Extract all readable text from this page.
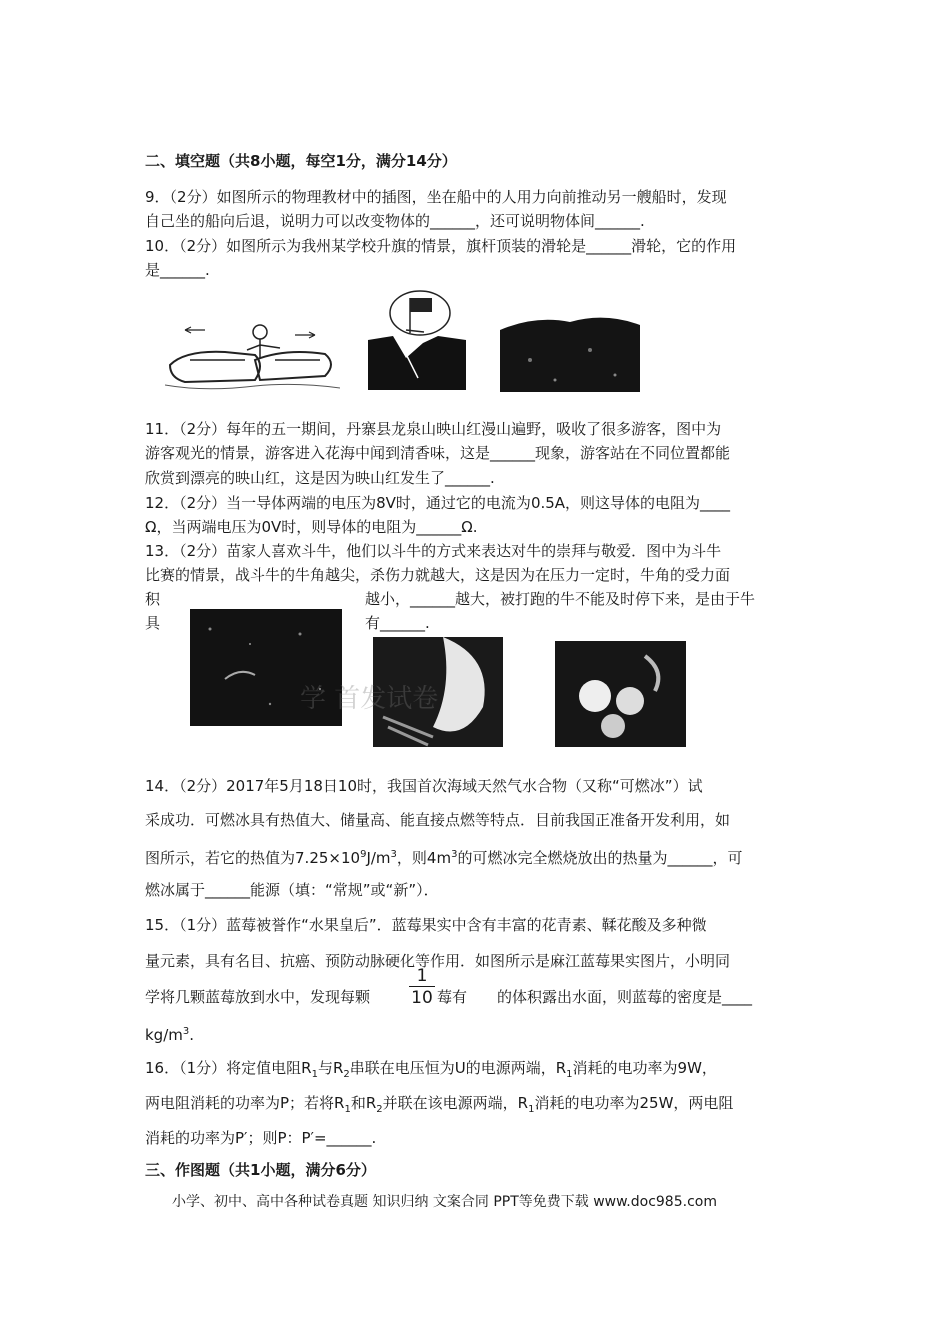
二、填空题（共8小题，每空1分，满分14分）
9．（2分）如图所示的物理教材中的插图，坐在船中的人用力向前推动另一艘船时，发现
自己坐的船向后退，说明力可以改变物体的______，还可说明物体间______.
10．（2分）如图所示为我州某学校升旗的情景，旗杆顶装的滑轮是______滑轮，它的作用
是______.
11．（2分）每年的五一期间，丹寨县龙泉山映山红漫山遍野，吸收了很多游客，图中为
游客观光的情景，游客进入花海中闻到清香味，这是______现象，游客站在不同位置都能
欣赏到漂亮的映山红，这是因为映山红发生了______.
12．（2分）当一导体两端的电压为8V时，通过它的电流为0.5A，则这导体的电阻为____
Ω，当两端电压为0V时，则导体的电阻为______Ω.
13．（2分）苗家人喜欢斗牛，他们以斗牛的方式来表达对牛的崇拜与敬爱．图中为斗牛
比赛的情景，战斗牛的牛角越尖，杀伤力就越大，这是因为在压力一定时，牛角的受力面
积	越小，______越大，被打跑的牛不能及时停下来，是由于牛
具	有______.
学 首发试卷
14．（2分）2017年5月18日10时，我国首次海域天然气水合物（又称“可燃冰”）试
采成功．可燃冰具有热值大、储量高、能直接点燃等特点．目前我国正准备开发利用，如
图所示，若它的热值为$7.25\times 10^9J/m^3$，则$4m^3$的可燃冰完全燃烧放出的热量为______，可
燃冰属于______能源（填：“常规”或“新”）．
15．（1分）蓝莓被誉作“水果皇后”．蓝莓果实中含有丰富的花青素、鞣花酸及多种微
量元素，具有名目、抗癌、预防动脉硬化等作用．如图所示是麻江蓝莓果实图片，小明同
学将几颗蓝莓放到水中，发现每颗
1
10 莓有 的体积露出水面，则蓝莓的密度是____
$kg/m^3$.
16．（1分）将定值电阻$R_1$与$R_2$串联在电压恒为U的电源两端，$R_1$消耗的电功率为9W，
两电阻消耗的功率为P；若将$R_1$和$R_2$并联在该电源两端，$R_1$消耗的电功率为25W，两电阻
消耗的功率为P′；则P：P′=______.
三、作图题（共1小题，满分6分）
小学、初中、高中各种试卷真题 知识归纳 文案合同 PPT等免费下载 www.doc985.com
